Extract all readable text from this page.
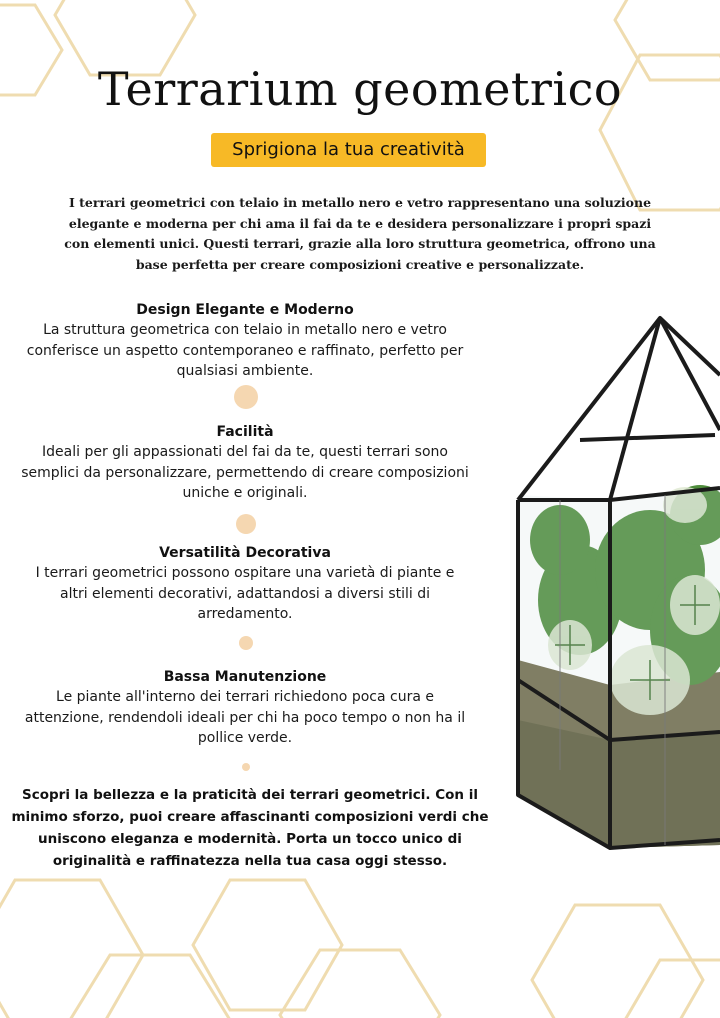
Terrarium geometrico
Sprigiona la tua creatività

I terrari geometrici con telaio in metallo nero e vetro rappresentano una soluzione elegante e moderna per chi ama il fai da te e desidera personalizzare i propri spazi con elementi unici. Questi terrari, grazie alla loro struttura geometrica, offrono una base perfetta per creare composizioni creative e personalizzate.

Design Elegante e Moderno

La struttura geometrica con telaio in metallo nero e vetro conferisce un aspetto contemporaneo e raffinato, perfetto per qualsiasi ambiente.

Facilità

Ideali per gli appassionati del fai da te, questi terrari sono semplici da personalizzare, permettendo di creare composizioni uniche e originali.

Versatilità Decorativa

I terrari geometrici possono ospitare una varietà di piante e altri elementi decorativi, adattandosi a diversi stili di arredamento.

Bassa Manutenzione

Le piante all'interno dei terrari richiedono poca cura e attenzione, rendendoli ideali per chi ha poco tempo o non ha il pollice verde.

Scopri la bellezza e la praticità dei terrari geometrici. Con il minimo sforzo, puoi creare affascinanti composizioni verdi che uniscono eleganza e modernità. Porta un tocco unico di originalità e raffinatezza nella tua casa oggi stesso.
